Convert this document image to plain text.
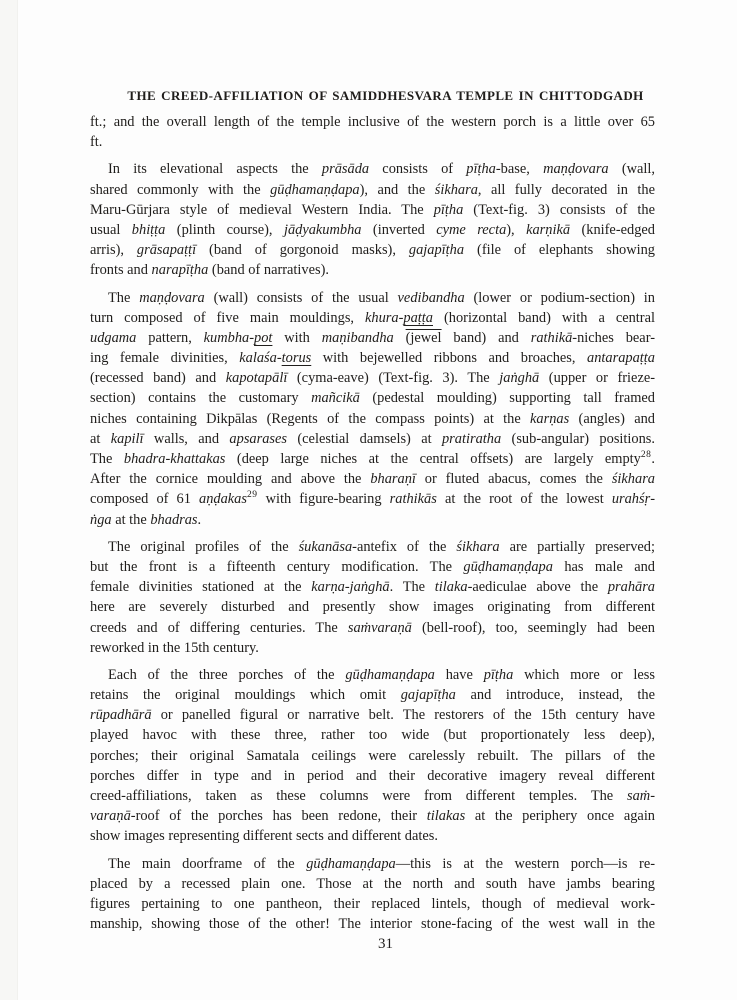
THE CREED-AFFILIATION OF SAMIDDHESVARA TEMPLE IN CHITTODGADH
ft.; and the overall length of the temple inclusive of the western porch is a little over 65
ft.
In its elevational aspects the prāsāda consists of pīṭha-base, maṇḍovara (wall,
shared commonly with the gūḍhamaṇḍapa), and the śikhara, all fully decorated in the
Maru-Gūrjara style of medieval Western India. The pīṭha (Text-fig. 3) consists of the
usual bhiṭṭa (plinth course), jāḍyakumbha (inverted cyme recta), karṇikā (knife-edged
arris), grāsapaṭṭī (band of gorgonoid masks), gajapīṭha (file of elephants showing
fronts and narapīṭha (band of narratives).
The maṇḍovara (wall) consists of the usual vedibandha (lower or podium-section) in
turn composed of five main mouldings, khura-paṭṭa (horizontal band) with a central
udgama pattern, kumbha-pot with maṇibandha (jewel band) and rathikā-niches bear-
ing female divinities, kalaśa-torus with bejewelled ribbons and broaches, antarapaṭṭa
(recessed band) and kapotapālī (cyma-eave) (Text-fig. 3). The jaṅghā (upper or frieze-
section) contains the customary mañcikā (pedestal moulding) supporting tall framed
niches containing Dikpālas (Regents of the compass points) at the karṇas (angles) and
at kapilī walls, and apsarases (celestial damsels) at pratiratha (sub-angular) positions.
The bhadra-khattakas (deep large niches at the central offsets) are largely empty$^{28}$.
After the cornice moulding and above the bharaṇī or fluted abacus, comes the śikhara
composed of 61 aṇḍakas$^{29}$ with figure-bearing rathikās at the root of the lowest urahśṛ-
ṅga at the bhadras.
The original profiles of the śukanāsa-antefix of the śikhara are partially preserved;
but the front is a fifteenth century modification. The gūḍhamaṇḍapa has male and
female divinities stationed at the karṇa-jaṅghā. The tilaka-aediculae above the prahāra
here are severely disturbed and presently show images originating from different
creeds and of differing centuries. The saṁvaraṇā (bell-roof), too, seemingly had been
reworked in the 15th century.
Each of the three porches of the gūḍhamaṇḍapa have pīṭha which more or less
retains the original mouldings which omit gajapīṭha and introduce, instead, the
rūpadhārā or panelled figural or narrative belt. The restorers of the 15th century have
played havoc with these three, rather too wide (but proportionately less deep),
porches; their original Samatala ceilings were carelessly rebuilt. The pillars of the
porches differ in type and in period and their decorative imagery reveal different
creed-affiliations, taken as these columns were from different temples. The saṁ-
varaṇā-roof of the porches has been redone, their tilakas at the periphery once again
show images representing different sects and different dates.
The main doorframe of the gūḍhamaṇḍapa—this is at the western porch—is re-
placed by a recessed plain one. Those at the north and south have jambs bearing
figures pertaining to one pantheon, their replaced lintels, though of medieval work-
manship, showing those of the other! The interior stone-facing of the west wall in the
31
